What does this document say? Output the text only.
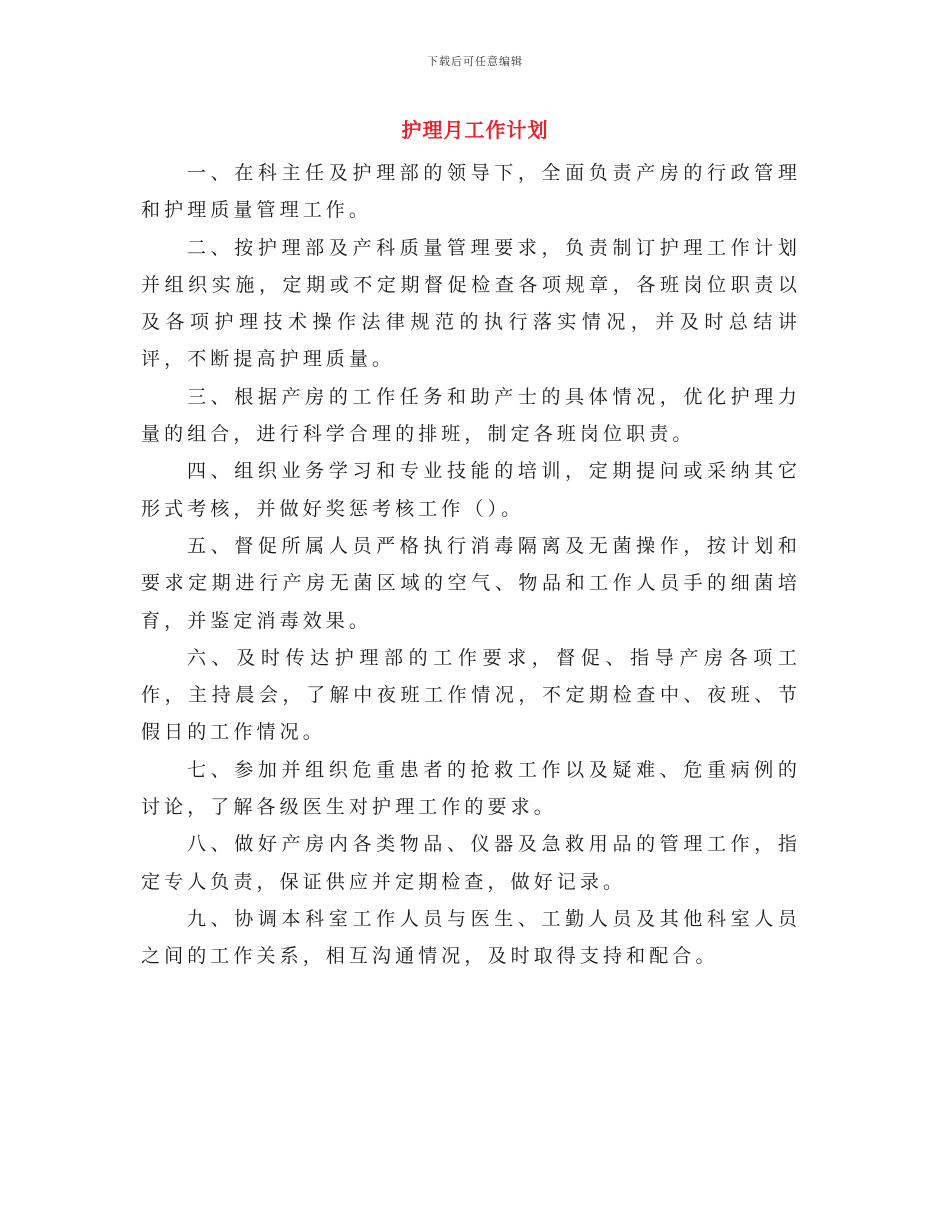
下载后可任意编辑
护理月工作计划

一、在科主任及护理部的领导下，全面负责产房的行政管理和护理质量管理工作。

二、按护理部及产科质量管理要求，负责制订护理工作计划并组织实施，定期或不定期督促检查各项规章，各班岗位职责以及各项护理技术操作法律规范的执行落实情况，并及时总结讲评，不断提高护理质量。

三、根据产房的工作任务和助产士的具体情况，优化护理力量的组合，进行科学合理的排班，制定各班岗位职责。

四、组织业务学习和专业技能的培训，定期提问或采纳其它形式考核，并做好奖惩考核工作（）。

五、督促所属人员严格执行消毒隔离及无菌操作，按计划和要求定期进行产房无菌区域的空气、物品和工作人员手的细菌培育，并鉴定消毒效果。

六、及时传达护理部的工作要求，督促、指导产房各项工作，主持晨会，了解中夜班工作情况，不定期检查中、夜班、节假日的工作情况。

七、参加并组织危重患者的抢救工作以及疑难、危重病例的讨论，了解各级医生对护理工作的要求。

八、做好产房内各类物品、仪器及急救用品的管理工作，指定专人负责，保证供应并定期检查，做好记录。

九、协调本科室工作人员与医生、工勤人员及其他科室人员之间的工作关系，相互沟通情况，及时取得支持和配合。
